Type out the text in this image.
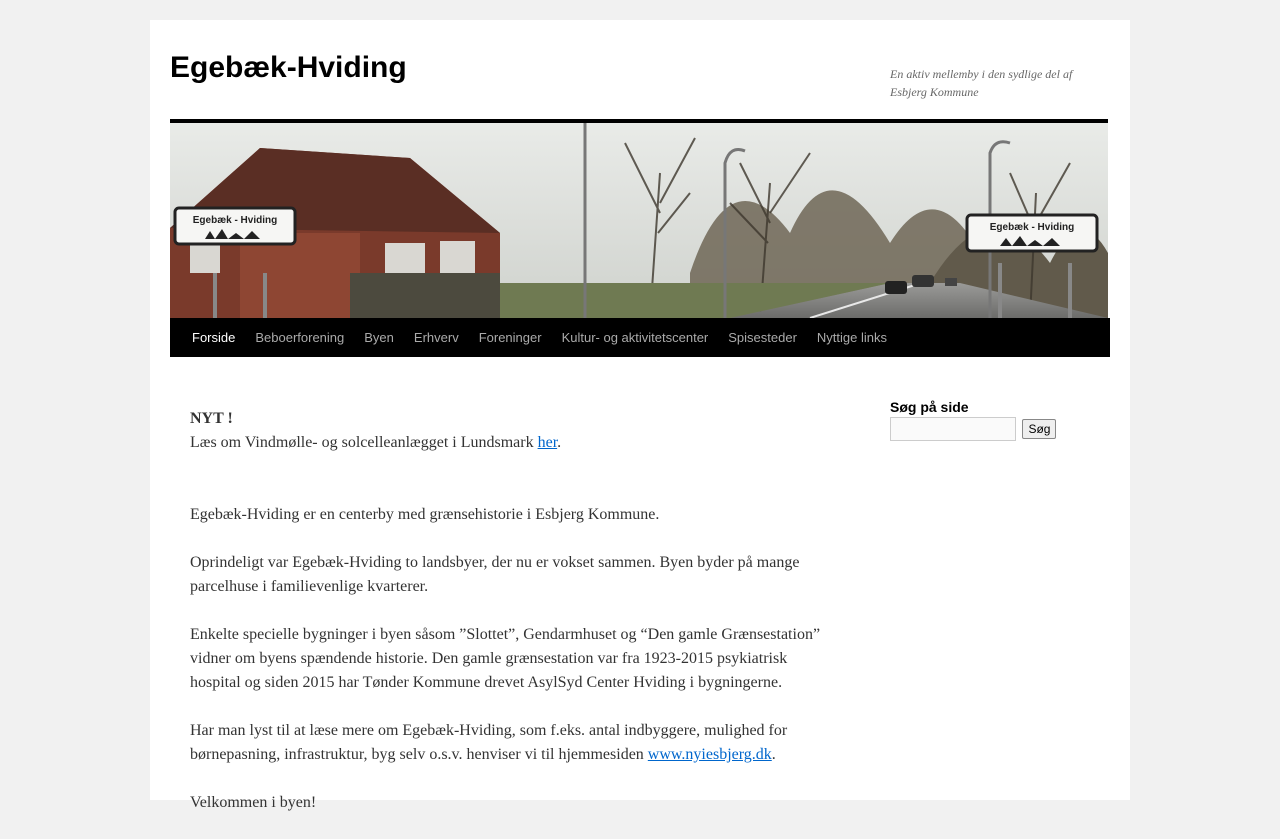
Egebæk-Hviding	En aktiv mellemby i den sydlige del af Esbjerg Kommune
Egebæk - Hviding
Egebæk - Hviding
Forside	Beboerforening	Byen	Erhverv	Foreninger	Kultur- og aktivitetscenter	Spisesteder	Nyttige links

NYT !
Læs om Vindmølle- og solcelleanlægget i Lundsmark her.

Egebæk-Hviding er en centerby med grænsehistorie i Esbjerg Kommune.

Oprindeligt var Egebæk-Hviding to landsbyer, der nu er vokset sammen. Byen byder på mange parcelhuse i familievenlige kvarterer.

Enkelte specielle bygninger i byen såsom ”Slottet”, Gendarmhuset og “Den gamle Grænsestation” vidner om byens spændende historie. Den gamle grænsestation var fra 1923-2015 psykiatrisk hospital og siden 2015 har Tønder Kommune drevet AsylSyd Center Hviding i bygningerne.

Har man lyst til at læse mere om Egebæk-Hviding, som f.eks. antal indbyggere, mulighed for børnepasning, infrastruktur, byg selv o.s.v. henviser vi til hjemmesiden www.nyiesbjerg.dk.

Velkommen i byen!

Søg på side
Søg
